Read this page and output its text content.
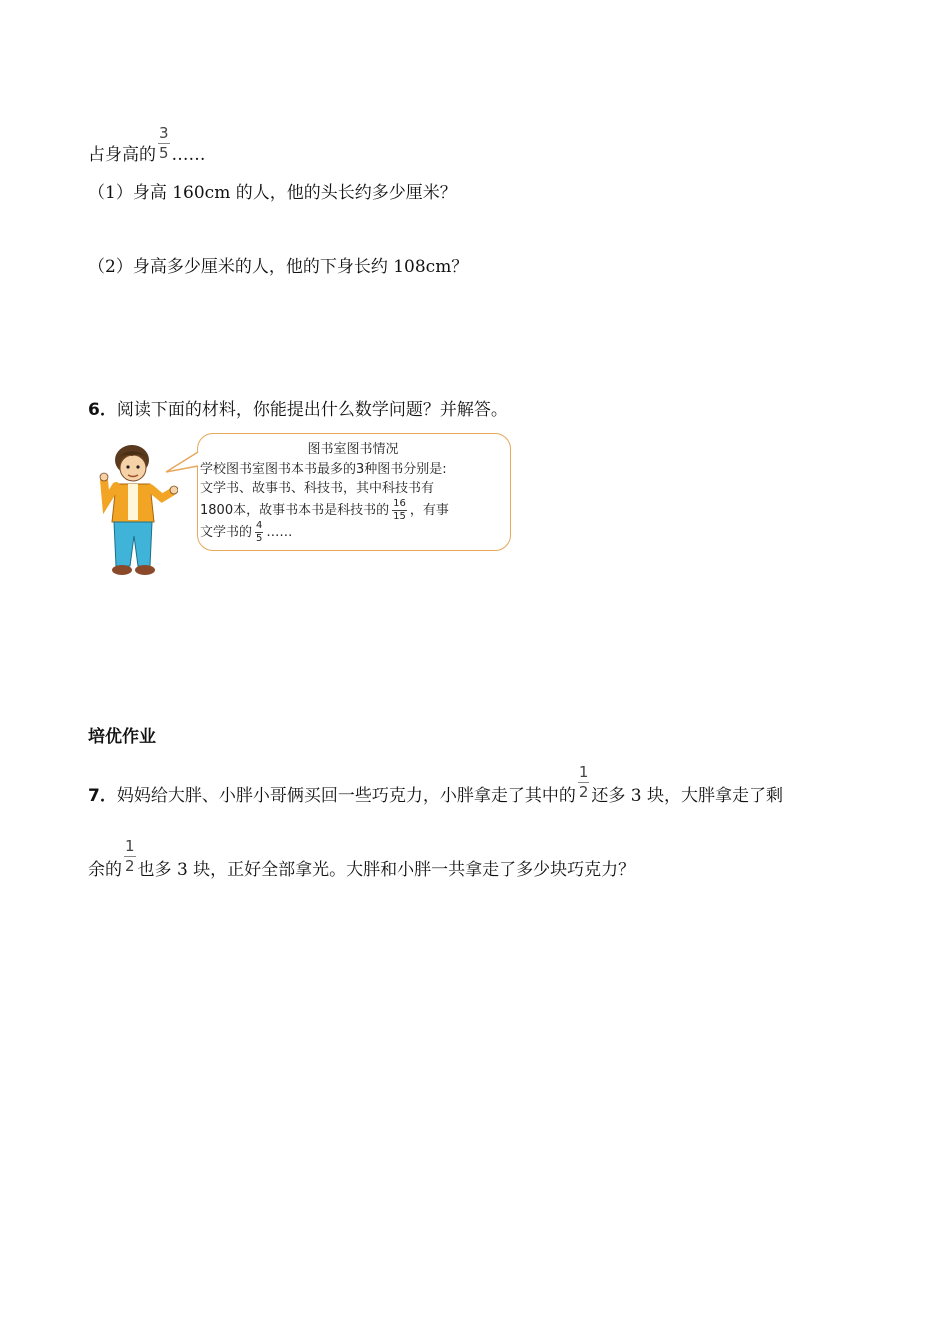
占身高的 $\frac{3}{5}$ ……
（1）身高 160cm 的人，他的头长约多少厘米？
（2）身高多少厘米的人，他的下身长约 108cm？
6．阅读下面的材料，你能提出什么数学问题？并解答。
图书室图书情况
学校图书室图书本书最多的3种图书分别是:
文学书、故事书、科技书，其中科技书有
1800本，故事书本书是科技书的 $\frac{16}{15}$ ，有事
文学书的 $\frac{4}{5}$ ……
培优作业
7． 妈妈给大胖、小胖小哥俩买回一些巧克力，小胖拿走了其中的 $\frac{1}{2}$ 还多 3 块，大胖拿走了剩
余的 $\frac{1}{2}$ 也多 3 块，正好全部拿光。大胖和小胖一共拿走了多少块巧克力？
